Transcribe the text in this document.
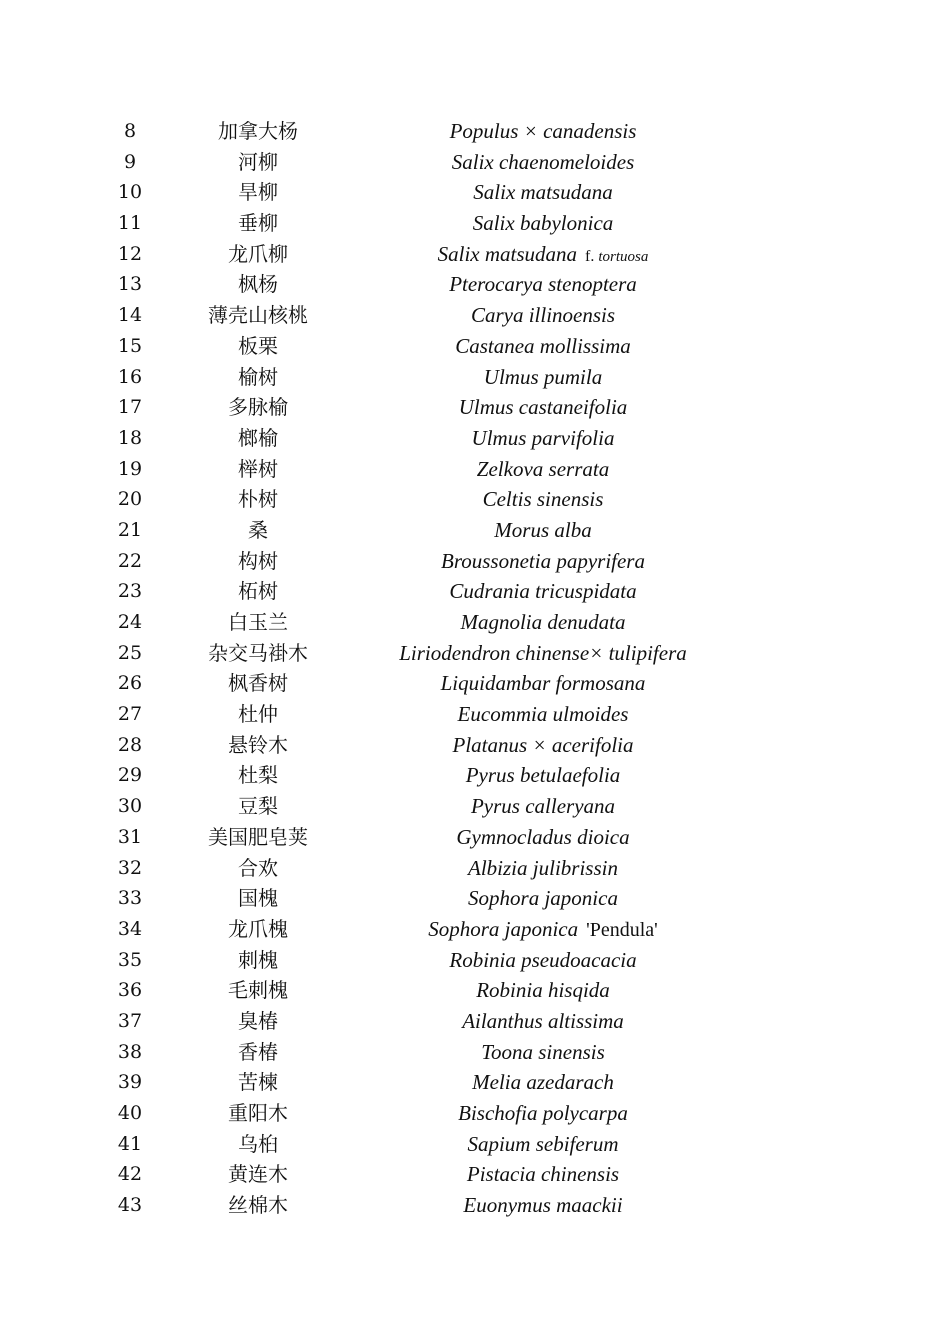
8	加拿大杨	Populus × canadensis
9	河柳	Salix chaenomeloides
10	旱柳	Salix matsudana
11	垂柳	Salix babylonica
12	龙爪柳	Salix matsudana f. tortuosa
13	枫杨	Pterocarya stenoptera
14	薄壳山核桃	Carya illinoensis
15	板栗	Castanea mollissima
16	榆树	Ulmus pumila
17	多脉榆	Ulmus castaneifolia
18	榔榆	Ulmus parvifolia
19	榉树	Zelkova serrata
20	朴树	Celtis sinensis
21	桑	Morus alba
22	构树	Broussonetia papyrifera
23	柘树	Cudrania tricuspidata
24	白玉兰	Magnolia denudata
25	杂交马褂木	Liriodendron chinense× tulipifera
26	枫香树	Liquidambar formosana
27	杜仲	Eucommia ulmoides
28	悬铃木	Platanus × acerifolia
29	杜梨	Pyrus betulaefolia
30	豆梨	Pyrus calleryana
31	美国肥皂荚	Gymnocladus dioica
32	合欢	Albizia julibrissin
33	国槐	Sophora japonica
34	龙爪槐	Sophora japonica 'Pendula'
35	刺槐	Robinia pseudoacacia
36	毛刺槐	Robinia hisqida
37	臭椿	Ailanthus altissima
38	香椿	Toona sinensis
39	苦楝	Melia azedarach
40	重阳木	Bischofia polycarpa
41	乌桕	Sapium sebiferum
42	黄连木	Pistacia chinensis
43	丝棉木	Euonymus maackii
